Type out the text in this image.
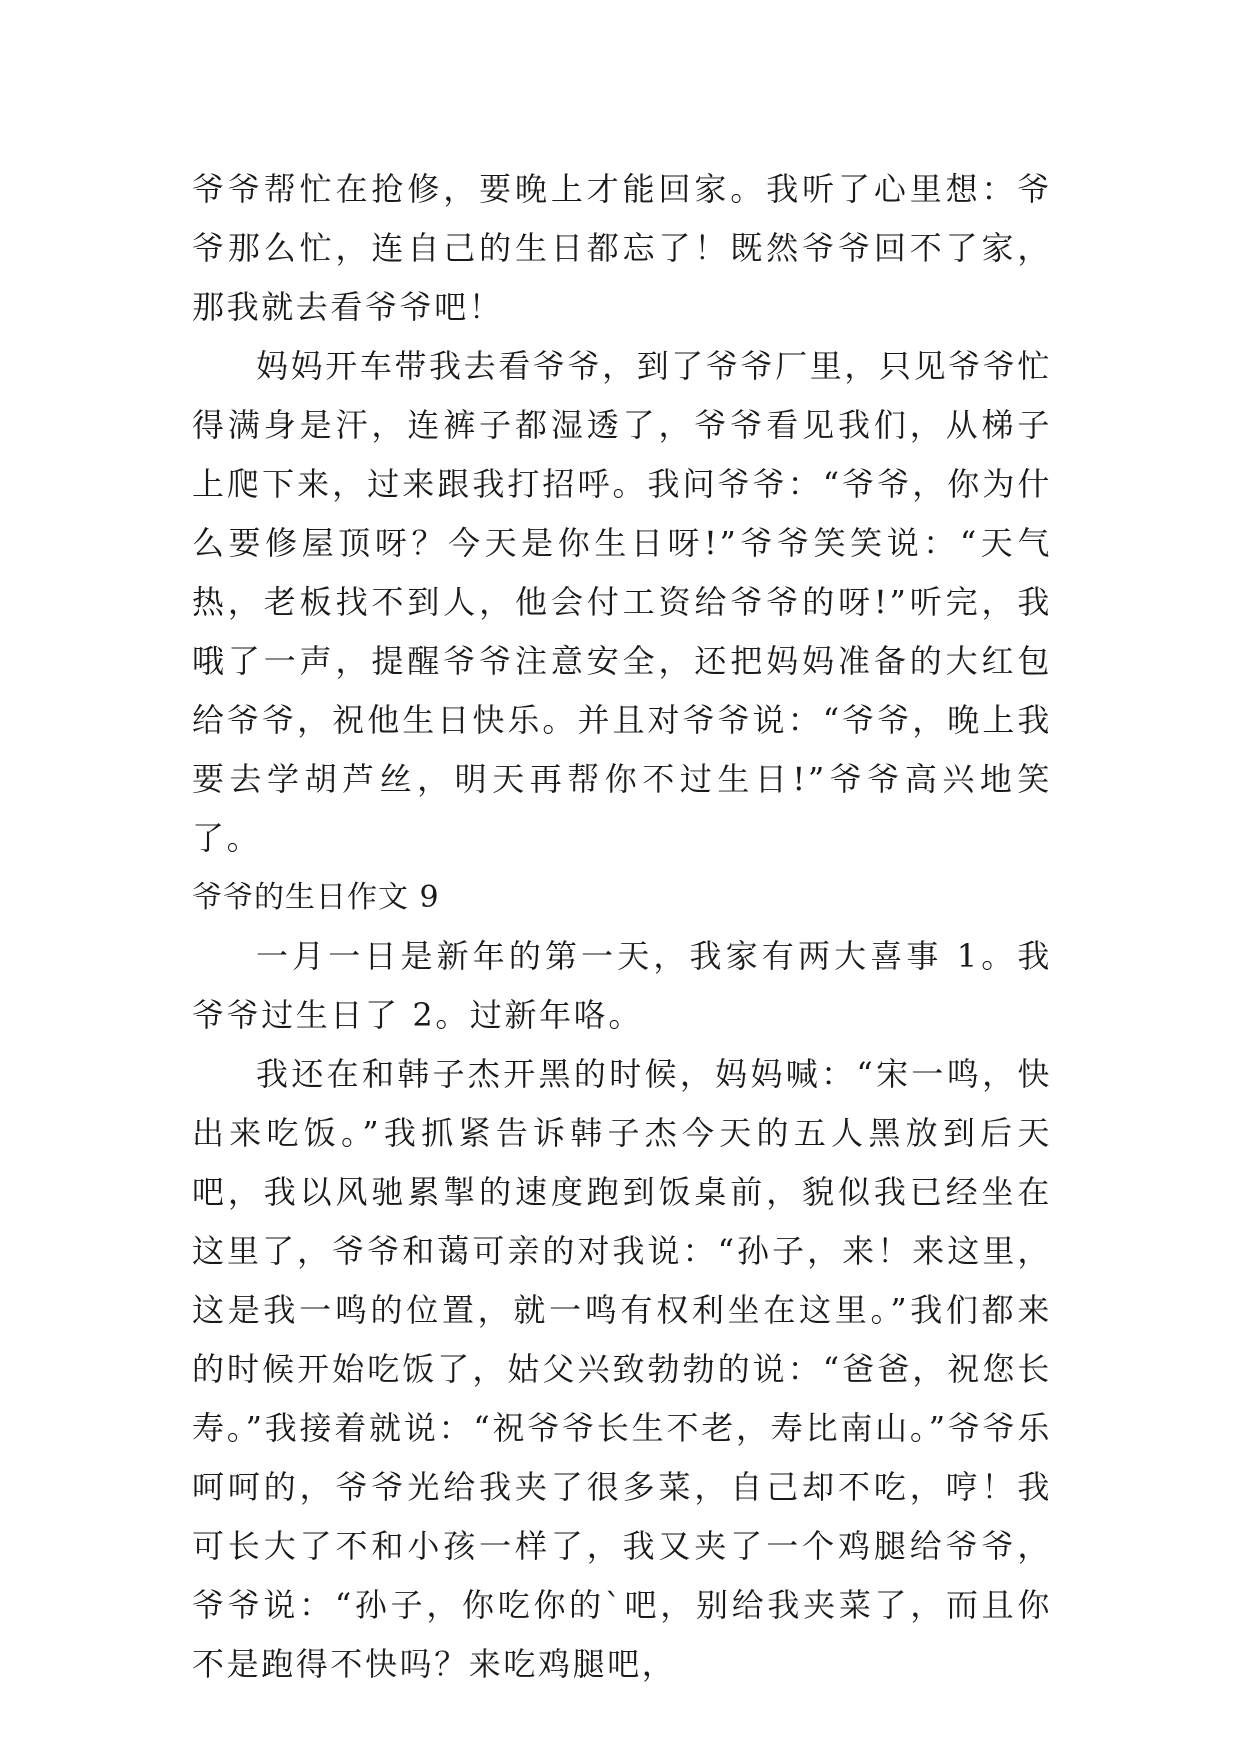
爷爷帮忙在抢修，要晚上才能回家。我听了心里想：爷爷那么忙，连自己的生日都忘了！既然爷爷回不了家，那我就去看爷爷吧！

妈妈开车带我去看爷爷，到了爷爷厂里，只见爷爷忙得满身是汗，连裤子都湿透了，爷爷看见我们，从梯子上爬下来，过来跟我打招呼。我问爷爷：“爷爷，你为什么要修屋顶呀？今天是你生日呀!”爷爷笑笑说：“天气热，老板找不到人，他会付工资给爷爷的呀!”听完，我哦了一声，提醒爷爷注意安全，还把妈妈准备的大红包给爷爷，祝他生日快乐。并且对爷爷说：“爷爷，晚上我要去学胡芦丝，明天再帮你不过生日!”爷爷高兴地笑了。

爷爷的生日作文 9

一月一日是新年的第一天，我家有两大喜事 1。我爷爷过生日了 2。过新年咯。

我还在和韩子杰开黑的时候，妈妈喊：“宋一鸣，快出来吃饭。”我抓紧告诉韩子杰今天的五人黑放到后天吧，我以风驰累掣的速度跑到饭桌前，貌似我已经坐在这里了，爷爷和蔼可亲的对我说：“孙子，来！来这里，这是我一鸣的位置，就一鸣有权利坐在这里。”我们都来的时候开始吃饭了，姑父兴致勃勃的说：“爸爸，祝您长寿。”我接着就说：“祝爷爷长生不老，寿比南山。”爷爷乐呵呵的，爷爷光给我夹了很多菜，自己却不吃，哼！我可长大了不和小孩一样了，我又夹了一个鸡腿给爷爷，爷爷说：“孙子，你吃你的`吧，别给我夹菜了，而且你不是跑得不快吗？来吃鸡腿吧，
